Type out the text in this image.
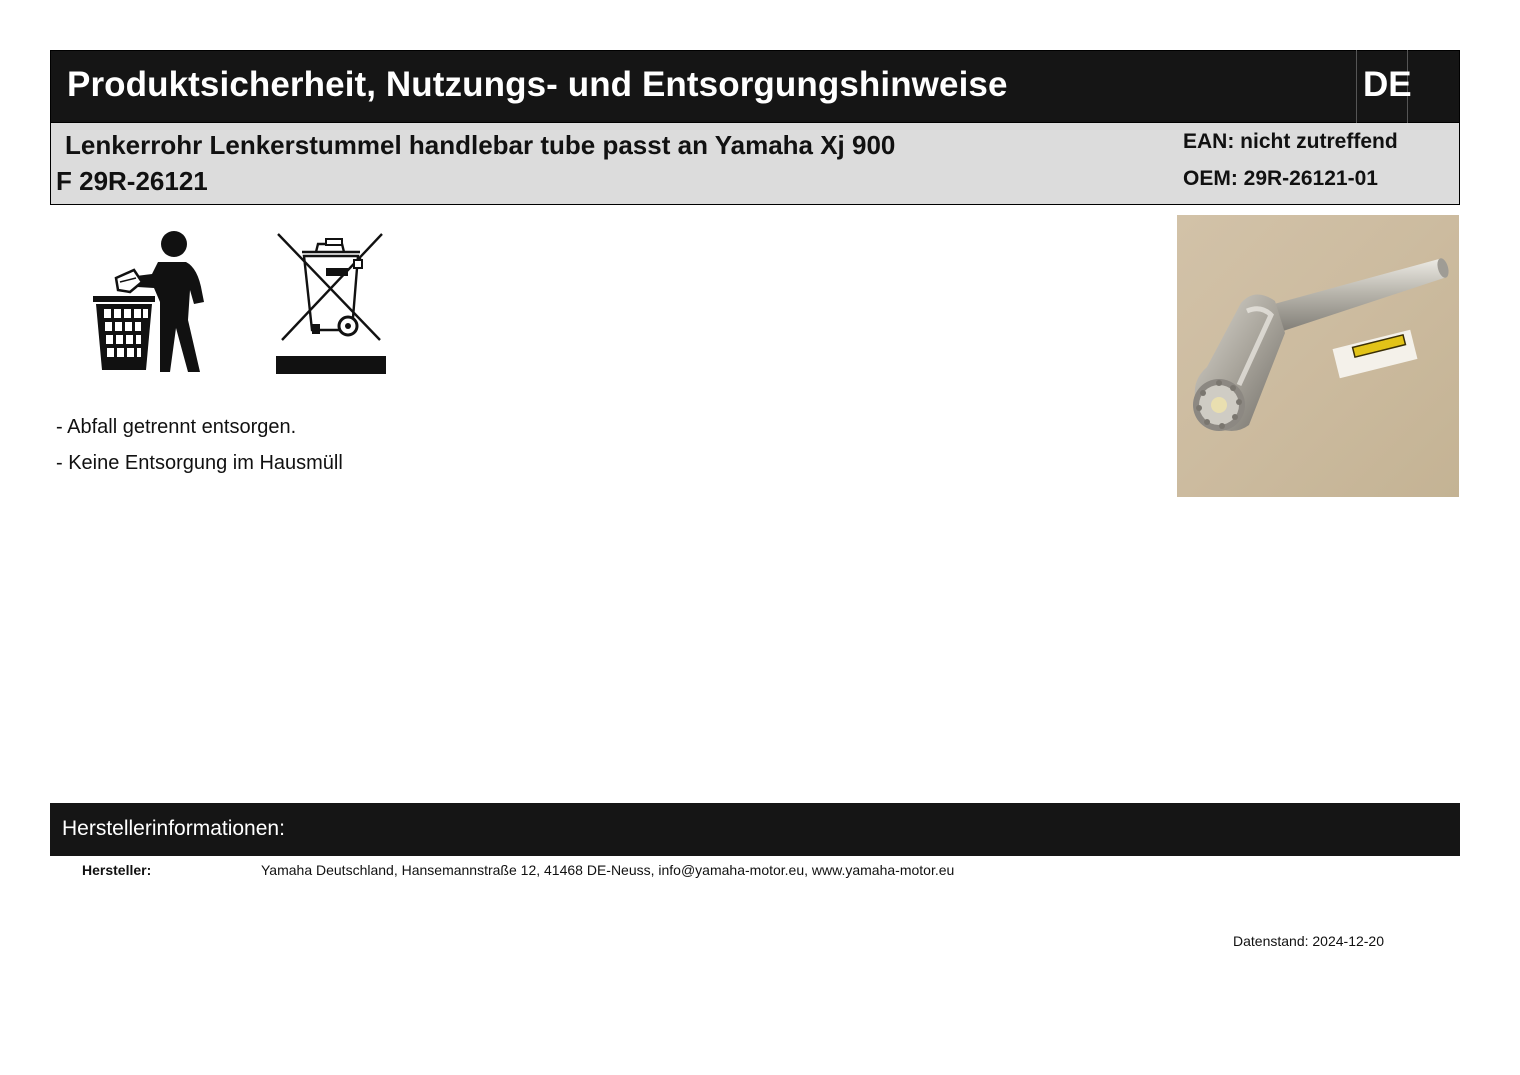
Produktsicherheit, Nutzungs- und Entsorgungshinweise	DE
Lenkerrohr Lenkerstummel handlebar tube passt an Yamaha Xj 900 F 29R-26121
EAN: nicht zutreffend
OEM: 29R-26121-01
- Abfall getrennt entsorgen.
- Keine Entsorgung im Hausmüll
Herstellerinformationen:
Hersteller:	Yamaha Deutschland, Hansemannstraße 12, 41468 DE-Neuss, info@yamaha-motor.eu, www.yamaha-motor.eu
Datenstand: 2024-12-20
